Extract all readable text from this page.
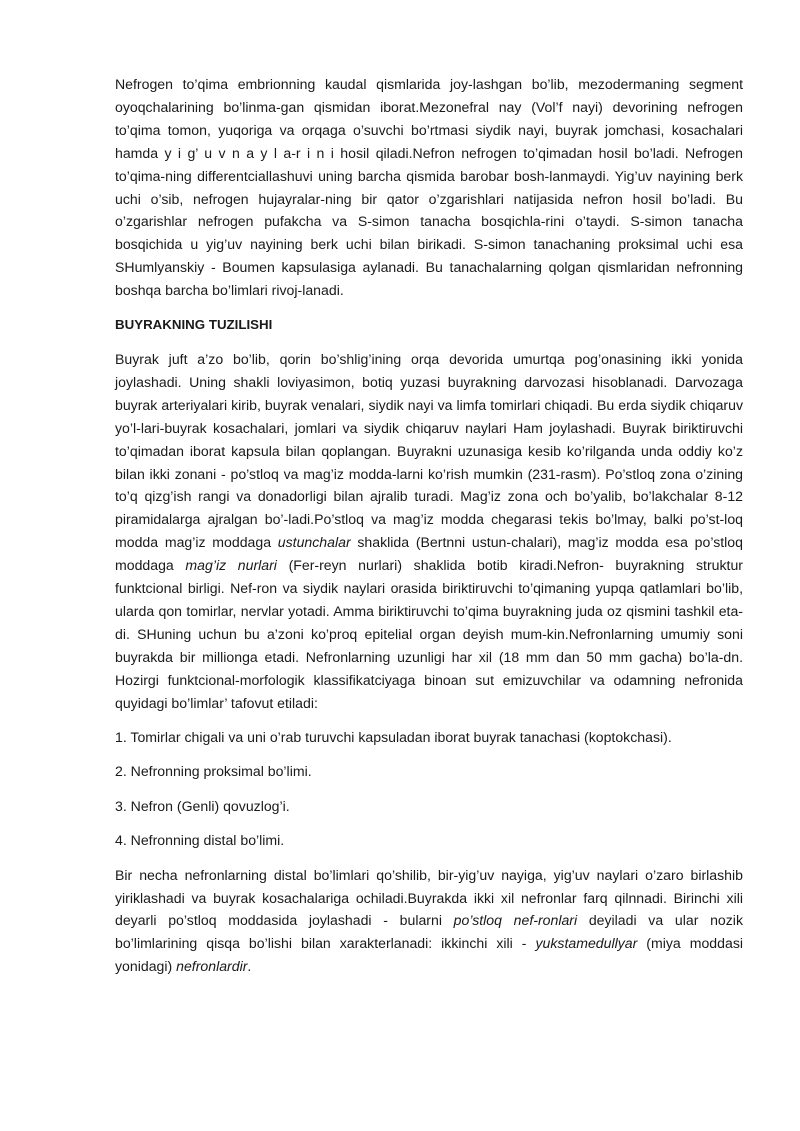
Nefrogen to’qima embrionning kaudal qismlarida joy-lashgan bo’lib, mezodermaning segment oyoqchalarining bo’linma-gan qismidan iborat.Mezonefral nay (Vol’f nayi) devorining nefrogen to’qima tomon, yuqoriga va orqaga o’suvchi bo’rtmasi siydik nayi, buyrak jomchasi, kosachalari hamda y i g’ u v n a y l a-r i n i hosil qiladi.Nefron nefrogen to’qimadan hosil bo’ladi. Nefrogen to’qima-ning differentciallashuvi uning barcha qismida barobar bosh-lanmaydi. Yig’uv nayining berk uchi o’sib, nefrogen hujayralar-ning bir qator o’zgarishlari natijasida nefron hosil bo’ladi. Bu o’zgarishlar nefrogen pufakcha va S-simon tanacha bosqichla-rini o’taydi. S-simon tanacha bosqichida u yig’uv nayining berk uchi bilan birikadi. S-simon tanachaning proksimal uchi esa SHumlyanskiy - Boumen kapsulasiga aylanadi. Bu tanachalarning qolgan qismlaridan nefronning boshqa barcha bo’limlari rivoj-lanadi.

BUYRAKNING TUZILISHI

Buyrak juft a’zo bo’lib, qorin bo’shlig’ining orqa devorida umurtqa pog’onasining ikki yonida joylashadi. Uning shakli loviyasimon, botiq yuzasi buyrakning darvozasi hisoblanadi. Darvozaga buyrak arteriyalari kirib, buyrak venalari, siydik nayi va limfa tomirlari chiqadi. Bu erda siydik chiqaruv yo’l-lari-buyrak kosachalari, jomlari va siydik chiqaruv naylari Ham joylashadi. Buyrak biriktiruvchi to’qimadan iborat kapsula bilan qoplangan. Buyrakni uzunasiga kesib ko’rilganda unda oddiy ko’z bilan ikki zonani - po’stloq va mag’iz modda-larni ko’rish mumkin (231-rasm). Po’stloq zona o’zining to’q qizg’ish rangi va donadorligi bilan ajralib turadi. Mag’iz zona och bo’yalib, bo’lakchalar 8-12 piramidalarga ajralgan bo’-ladi.Po’stloq va mag’iz modda chegarasi tekis bo’lmay, balki po’st-loq modda mag’iz moddaga ustunchalar shaklida (Bertnni ustun-chalari), mag’iz modda esa po’stloq moddaga mag’iz nurlari (Fer-reyn nurlari) shaklida botib kiradi.Nefron- buyrakning struktur funktcional birligi. Nef-ron va siydik naylari orasida biriktiruvchi to’qimaning yupqa qatlamlari bo’lib, ularda qon tomirlar, nervlar yotadi. Amma biriktiruvchi to’qima buyrakning juda oz qismini tashkil eta-di. SHuning uchun bu a’zoni ko’proq epitelial organ deyish mum-kin.Nefronlarning umumiy soni buyrakda bir millionga etadi. Nefronlarning uzunligi har xil (18 mm dan 50 mm gacha) bo’la-dn. Hozirgi funktcional-morfologik klassifikatciyaga binoan sut emizuvchilar va odamning nefronida quyidagi bo’limlar’ tafovut etiladi:

1. Tomirlar chigali va uni o’rab turuvchi kapsuladan iborat buyrak tanachasi (koptokchasi).

2. Nefronning proksimal bo’limi.

3. Nefron (Genli) qovuzlog’i.

4. Nefronning distal bo’limi.

Bir necha nefronlarning distal bo’limlari qo’shilib, bir-yig’uv nayiga, yig’uv naylari o’zaro birlashib yiriklashadi va buyrak kosachalariga ochiladi.Buyrakda ikki xil nefronlar farq qilnnadi. Birinchi xili deyarli po’stloq moddasida joylashadi - bularni po’stloq nef-ronlari deyiladi va ular nozik bo’limlarining qisqa bo’lishi bilan xarakterlanadi: ikkinchi xili - yukstamedullyar (miya moddasi yonidagi) nefronlardir.
